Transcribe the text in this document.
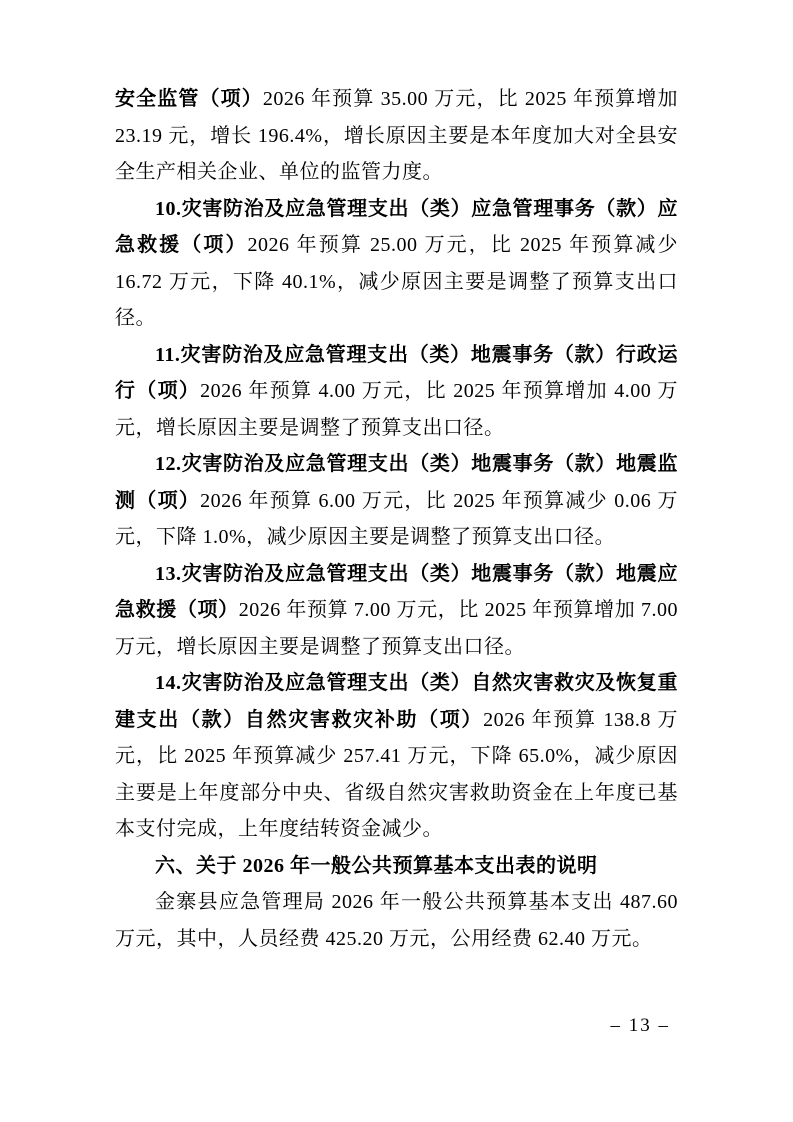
安全监管（项）2026 年预算 35.00 万元，比 2025 年预算增加 23.19 元，增长 196.4%，增长原因主要是本年度加大对全县安全生产相关企业、单位的监管力度。

10.灾害防治及应急管理支出（类）应急管理事务（款）应急救援（项）2026 年预算 25.00 万元，比 2025 年预算减少 16.72 万元，下降 40.1%，减少原因主要是调整了预算支出口径。

11.灾害防治及应急管理支出（类）地震事务（款）行政运行（项）2026 年预算 4.00 万元，比 2025 年预算增加 4.00 万元，增长原因主要是调整了预算支出口径。

12.灾害防治及应急管理支出（类）地震事务（款）地震监测（项）2026 年预算 6.00 万元，比 2025 年预算减少 0.06 万元，下降 1.0%，减少原因主要是调整了预算支出口径。

13.灾害防治及应急管理支出（类）地震事务（款）地震应急救援（项）2026 年预算 7.00 万元，比 2025 年预算增加 7.00 万元，增长原因主要是调整了预算支出口径。

14.灾害防治及应急管理支出（类）自然灾害救灾及恢复重建支出（款）自然灾害救灾补助（项）2026 年预算 138.8 万元，比 2025 年预算减少 257.41 万元，下降 65.0%，减少原因主要是上年度部分中央、省级自然灾害救助资金在上年度已基本支付完成，上年度结转资金减少。

六、关于 2026 年一般公共预算基本支出表的说明

金寨县应急管理局 2026 年一般公共预算基本支出 487.60 万元，其中，人员经费 425.20 万元，公用经费 62.40 万元。

– 13 –
